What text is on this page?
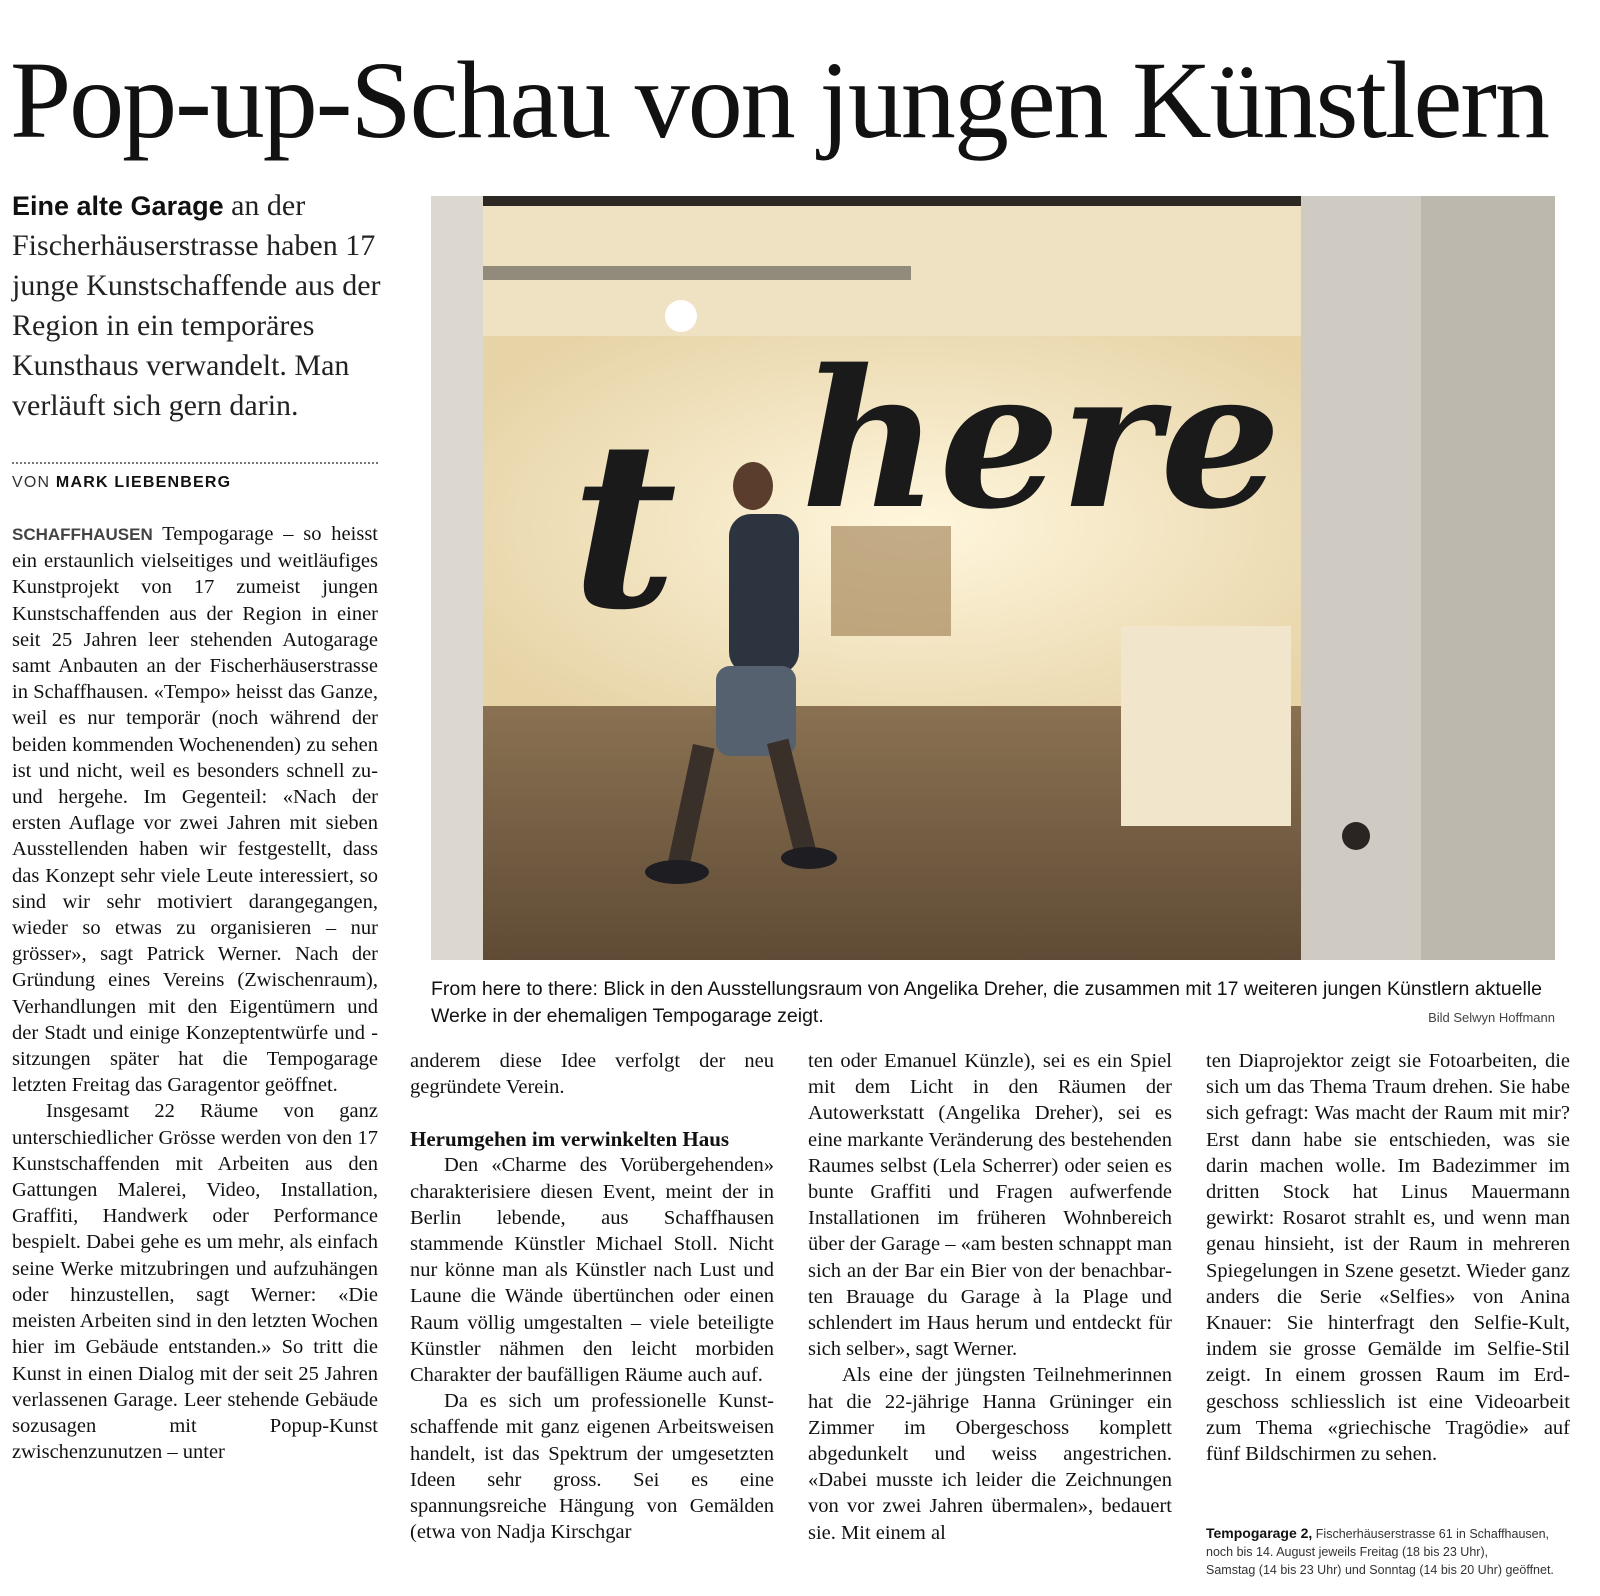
Pop-up-Schau von jungen Künstlern
Eine alte Garage an der Fischerhäuserstrasse haben 17 junge Kunstschaffende aus der Region in ein temporäres Kunsthaus verwandelt. Man verläuft sich gern darin.
VON MARK LIEBENBERG t here
From here to there: Blick in den Ausstellungsraum von Angelika Dreher, die zusammen mit 17 weiteren jungen Künstlern aktuelle Werke in der ehemaligen Tempogarage zeigt.	Bild Selwyn Hoffmann

SCHAFFHAUSEN Tempogarage – so heisst ein erstaunlich vielseitiges und weitläufiges Kunstprojekt von 17 zumeist jungen Kunstschaffenden aus der Region in einer seit 25 Jahren leer stehenden Autogarage samt Anbauten an der Fischerhäuserstrasse in Schaffhausen. «Tempo» heisst das Ganze, weil es nur temporär (noch während der beiden kommenden Wochenenden) zu sehen ist und nicht, weil es besonders schnell zu- und hergehe. Im Gegenteil: «Nach der ersten Auflage vor zwei Jahren mit sieben Ausstellenden haben wir festgestellt, dass das Konzept sehr viele Leute interessiert, so sind wir sehr motiviert darangegangen, wieder so etwas zu organisieren – nur grösser», sagt Patrick Werner. Nach der Gründung eines Vereins (Zwischenraum), Verhandlungen mit den Eigentümern und der Stadt und einige Konzeptentwürfe und -sitzungen später hat die Tempogarage letzten Freitag das Garagentor geöffnet.

Insgesamt 22 Räume von ganz unterschiedlicher Grösse werden von den 17 Kunstschaffenden mit Arbeiten aus den Gattungen Malerei, Video, Installation, Graffiti, Handwerk oder Performance bespielt. Dabei gehe es um mehr, als einfach seine Werke mitzubringen und aufzuhängen oder hinzustellen, sagt Werner: «Die meisten Arbeiten sind in den letzten Wochen hier im Gebäude entstanden.» So tritt die Kunst in einen Dialog mit der seit 25 Jahren verlassenen Garage. Leer stehende Gebäude sozusagen mit Popup-Kunst zwischenzunutzen – unter

anderem diese Idee verfolgt der neu gegründete Verein.

Herumgehen im verwinkelten Haus

Den «Charme des Vorübergehenden» charakterisiere diesen Event, meint der in Berlin lebende, aus Schaffhausen stammende Künstler Michael Stoll. Nicht nur könne man als Künstler nach Lust und Laune die Wände übertünchen oder einen Raum völlig umgestalten – viele beteiligte Künstler nähmen den leicht morbiden Charakter der baufälligen Räume auch auf.

Da es sich um professionelle Kunstschaffende mit ganz eigenen Arbeitsweisen handelt, ist das Spektrum der umgesetzten Ideen sehr gross. Sei es eine spannungsreiche Hängung von Gemälden (etwa von Nadja Kirschgar

ten oder Emanuel Künzle), sei es ein Spiel mit dem Licht in den Räumen der Autowerkstatt (Angelika Dreher), sei es eine markante Veränderung des bestehenden Raumes selbst (Lela Scherrer) oder seien es bunte Graffiti und Fragen aufwerfende Installationen im früheren Wohnbereich über der Garage – «am besten schnappt man sich an der Bar ein Bier von der benachbarten Brauage du Garage à la Plage und schlendert im Haus herum und entdeckt für sich selber», sagt Werner.

Als eine der jüngsten Teilnehmerinnen hat die 22-jährige Hanna Grüninger ein Zimmer im Obergeschoss komplett abgedunkelt und weiss angestrichen. «Dabei musste ich leider die Zeichnungen von vor zwei Jahren übermalen», bedauert sie. Mit einem al

ten Diaprojektor zeigt sie Fotoarbeiten, die sich um das Thema Traum drehen. Sie habe sich gefragt: Was macht der Raum mit mir? Erst dann habe sie entschieden, was sie darin machen wolle. Im Badezimmer im dritten Stock hat Linus Mauermann gewirkt: Rosarot strahlt es, und wenn man genau hinsieht, ist der Raum in mehreren Spiegelungen in Szene gesetzt. Wieder ganz anders die Serie «Selfies» von Anina Knauer: Sie hinterfragt den Selfie-Kult, indem sie grosse Gemälde im Selfie-Stil zeigt. In einem grossen Raum im Erdgeschoss schliesslich ist eine Videoarbeit zum Thema «griechische Tragödie» auf fünf Bildschirmen zu sehen.

Tempogarage 2, Fischerhäuserstrasse 61 in Schaffhausen,
noch bis 14. August jeweils Freitag (18 bis 23 Uhr),
Samstag (14 bis 23 Uhr) und Sonntag (14 bis 20 Uhr) geöffnet.
